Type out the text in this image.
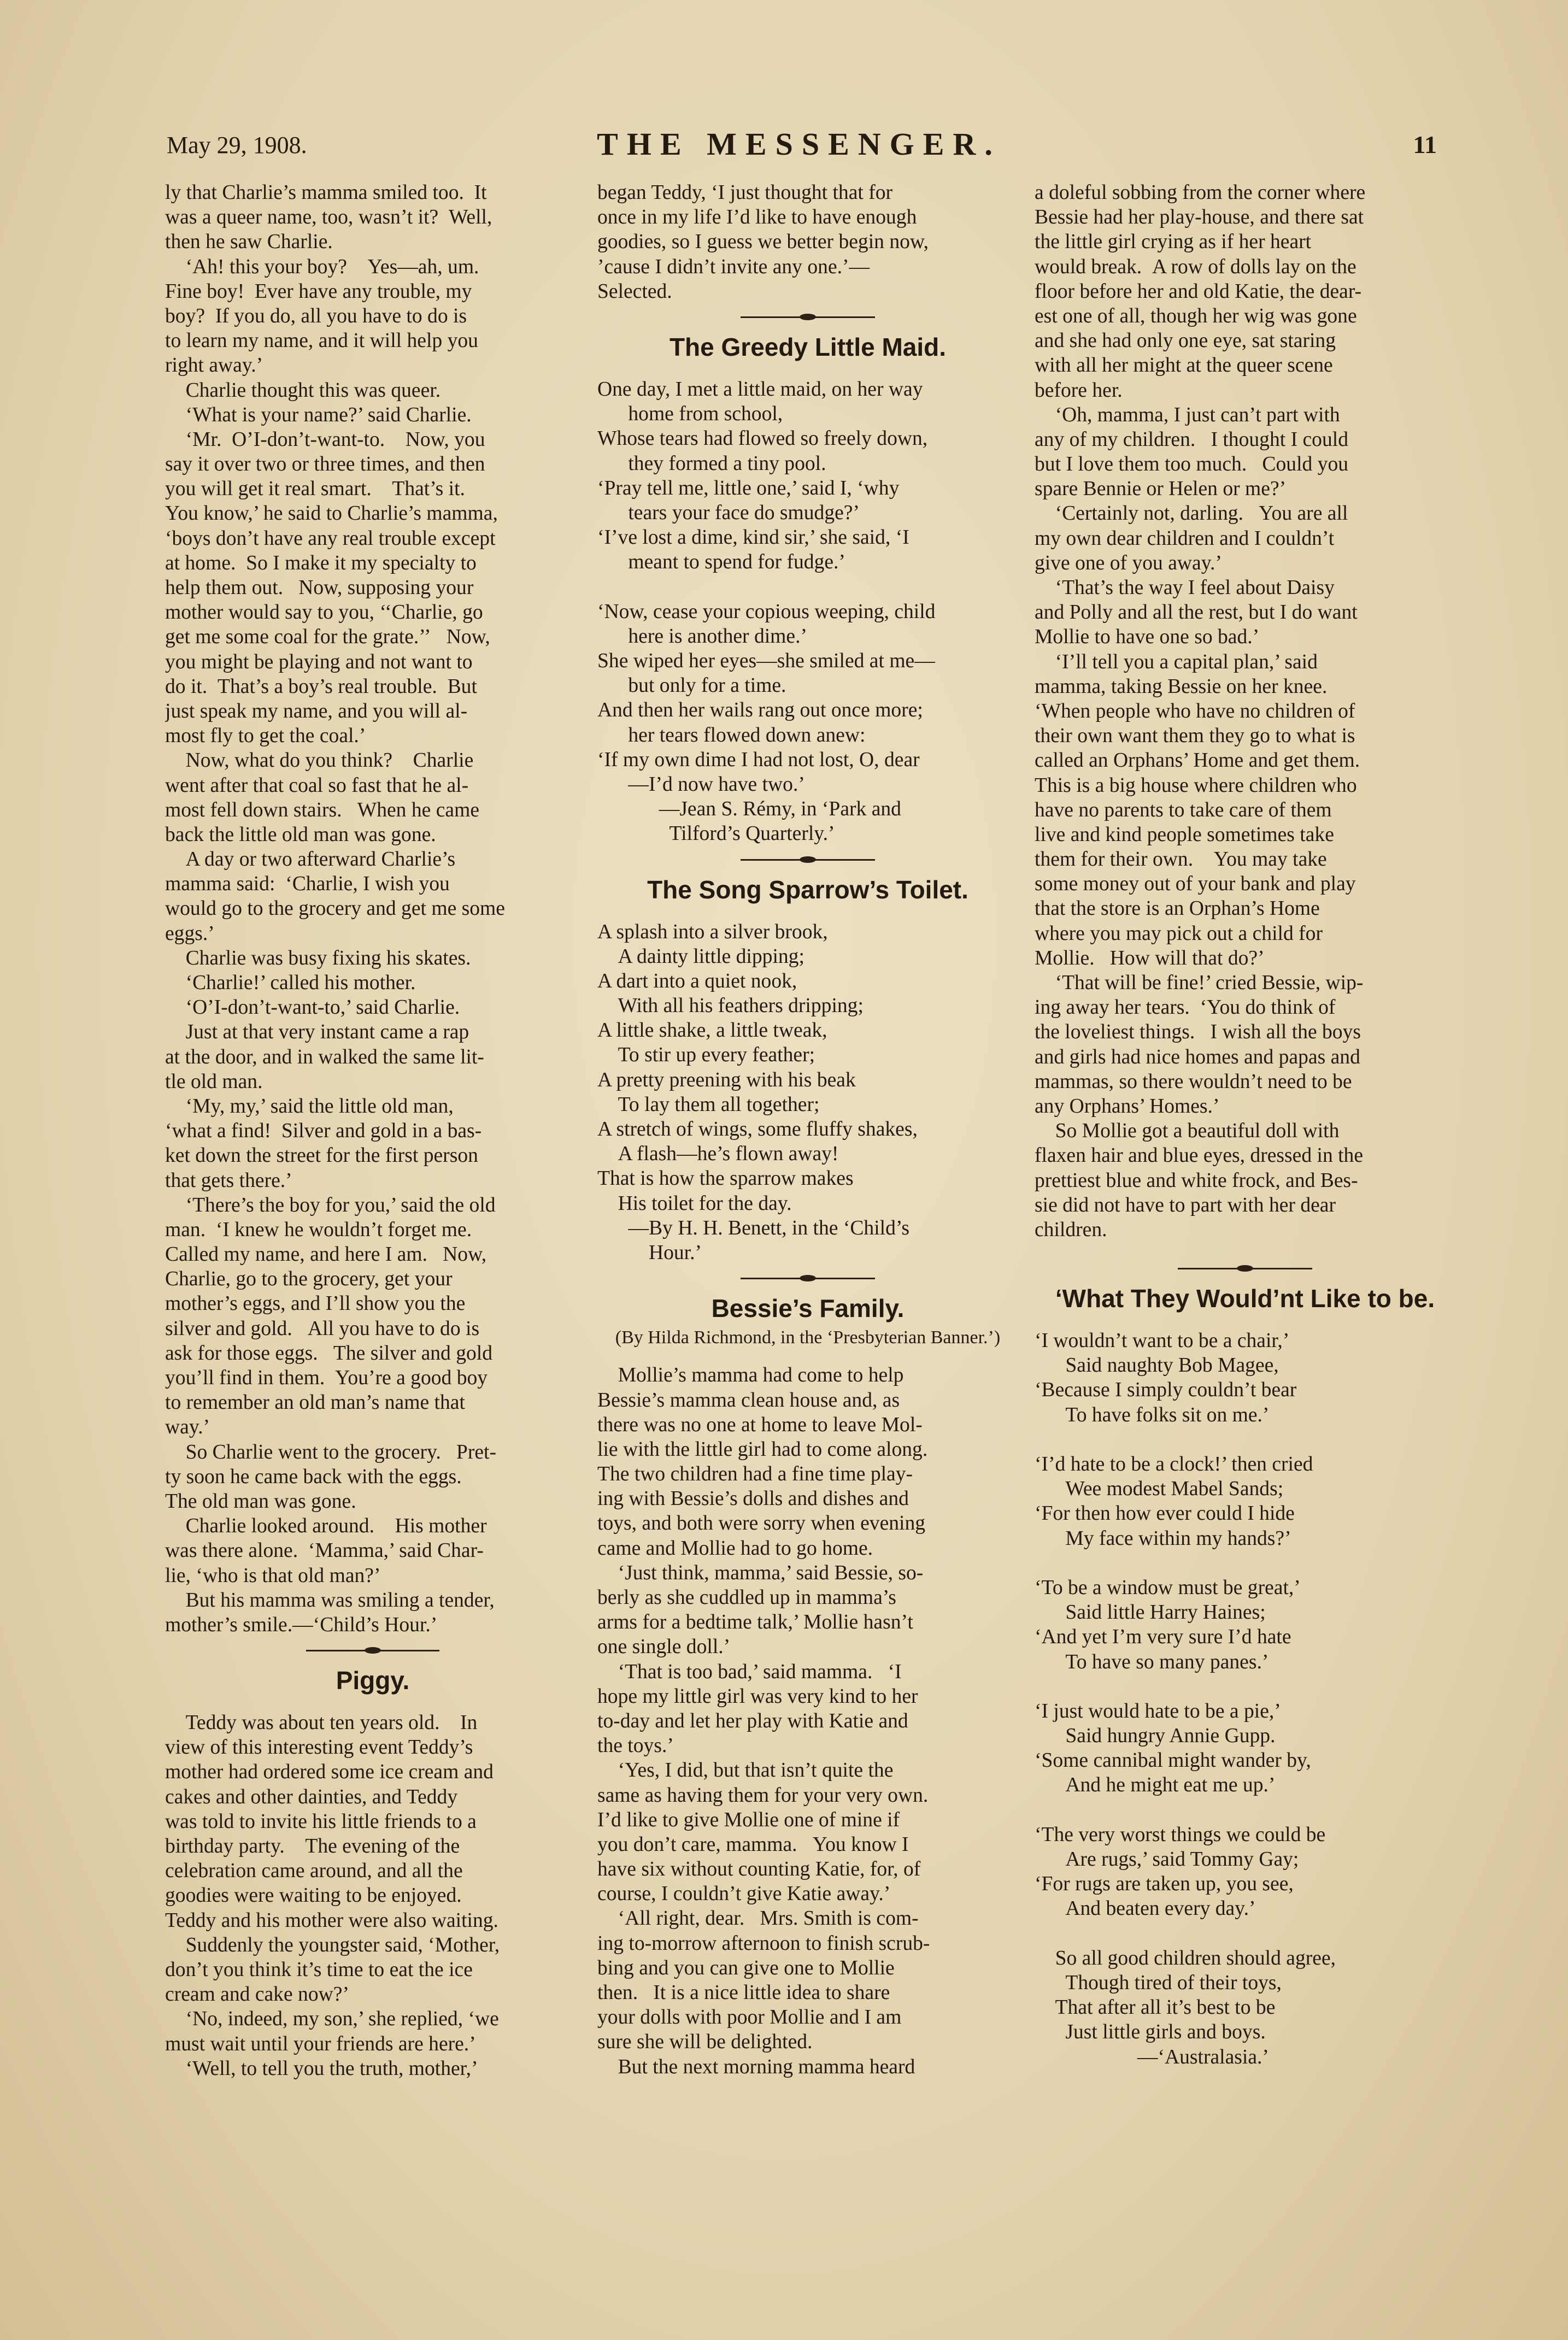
May 29, 1908.	THE MESSENGER.	11
ly that Charlie’s mamma smiled too.  It
was a queer name, too, wasn’t it?  Well,
then he saw Charlie.
‘Ah! this your boy?    Yes—ah, um.
Fine boy!  Ever have any trouble, my
boy?  If you do, all you have to do is
to learn my name, and it will help you
right away.’
Charlie thought this was queer.
‘What is your name?’ said Charlie.
‘Mr.  O’I-don’t-want-to.    Now, you
say it over two or three times, and then
you will get it real smart.    That’s it.
You know,’ he said to Charlie’s mamma,
‘boys don’t have any real trouble except
at home.  So I make it my specialty to
help them out.   Now, supposing your
mother would say to you, ‘‘Charlie, go
get me some coal for the grate.’’   Now,
you might be playing and not want to
do it.  That’s a boy’s real trouble.  But
just speak my name, and you will al-
most fly to get the coal.’
Now, what do you think?    Charlie
went after that coal so fast that he al-
most fell down stairs.   When he came
back the little old man was gone.
A day or two afterward Charlie’s
mamma said:  ‘Charlie, I wish you
would go to the grocery and get me some
eggs.’
Charlie was busy fixing his skates.
‘Charlie!’ called his mother.
‘O’I-don’t-want-to,’ said Charlie.
Just at that very instant came a rap
at the door, and in walked the same lit-
tle old man.
‘My, my,’ said the little old man,
‘what a find!  Silver and gold in a bas-
ket down the street for the first person
that gets there.’
‘There’s the boy for you,’ said the old
man.  ‘I knew he wouldn’t forget me.
Called my name, and here I am.   Now,
Charlie, go to the grocery, get your
mother’s eggs, and I’ll show you the
silver and gold.   All you have to do is
ask for those eggs.   The silver and gold
you’ll find in them.  You’re a good boy
to remember an old man’s name that
way.’
So Charlie went to the grocery.   Pret-
ty soon he came back with the eggs.
The old man was gone.
Charlie looked around.    His mother
was there alone.  ‘Mamma,’ said Char-
lie, ‘who is that old man?’
But his mamma was smiling a tender,
mother’s smile.—‘Child’s Hour.’
Piggy.
Teddy was about ten years old.    In
view of this interesting event Teddy’s
mother had ordered some ice cream and
cakes and other dainties, and Teddy
was told to invite his little friends to a
birthday party.    The evening of the
celebration came around, and all the
goodies were waiting to be enjoyed.
Teddy and his mother were also waiting.
Suddenly the youngster said, ‘Mother,
don’t you think it’s time to eat the ice
cream and cake now?’
‘No, indeed, my son,’ she replied, ‘we
must wait until your friends are here.’
‘Well, to tell you the truth, mother,’
began Teddy, ‘I just thought that for
once in my life I’d like to have enough
goodies, so I guess we better begin now,
’cause I didn’t invite any one.’—
Selected.
The Greedy Little Maid.
One day, I met a little maid, on her way
home from school,
Whose tears had flowed so freely down,
they formed a tiny pool.
‘Pray tell me, little one,’ said I, ‘why
tears your face do smudge?’
‘I’ve lost a dime, kind sir,’ she said, ‘I
meant to spend for fudge.’
‘Now, cease your copious weeping, child
here is another dime.’
She wiped her eyes—she smiled at me—
but only for a time.
And then her wails rang out once more;
her tears flowed down anew:
‘If my own dime I had not lost, O, dear
—I’d now have two.’
—Jean S. Rémy, in ‘Park and
Tilford’s Quarterly.’
The Song Sparrow’s Toilet.
A splash into a silver brook,
A dainty little dipping;
A dart into a quiet nook,
With all his feathers dripping;
A little shake, a little tweak,
To stir up every feather;
A pretty preening with his beak
To lay them all together;
A stretch of wings, some fluffy shakes,
A flash—he’s flown away!
That is how the sparrow makes
His toilet for the day.
—By H. H. Benett, in the ‘Child’s
Hour.’
Bessie’s Family.
(By Hilda Richmond, in the ‘Presbyterian Banner.’)
Mollie’s mamma had come to help
Bessie’s mamma clean house and, as
there was no one at home to leave Mol-
lie with the little girl had to come along.
The two children had a fine time play-
ing with Bessie’s dolls and dishes and
toys, and both were sorry when evening
came and Mollie had to go home.
‘Just think, mamma,’ said Bessie, so-
berly as she cuddled up in mamma’s
arms for a bedtime talk,’ Mollie hasn’t
one single doll.’
‘That is too bad,’ said mamma.   ‘I
hope my little girl was very kind to her
to-day and let her play with Katie and
the toys.’
‘Yes, I did, but that isn’t quite the
same as having them for your very own.
I’d like to give Mollie one of mine if
you don’t care, mamma.   You know I
have six without counting Katie, for, of
course, I couldn’t give Katie away.’
‘All right, dear.   Mrs. Smith is com-
ing to-morrow afternoon to finish scrub-
bing and you can give one to Mollie
then.   It is a nice little idea to share
your dolls with poor Mollie and I am
sure she will be delighted.
But the next morning mamma heard
a doleful sobbing from the corner where
Bessie had her play-house, and there sat
the little girl crying as if her heart
would break.  A row of dolls lay on the
floor before her and old Katie, the dear-
est one of all, though her wig was gone
and she had only one eye, sat staring
with all her might at the queer scene
before her.
‘Oh, mamma, I just can’t part with
any of my children.   I thought I could
but I love them too much.   Could you
spare Bennie or Helen or me?’
‘Certainly not, darling.   You are all
my own dear children and I couldn’t
give one of you away.’
‘That’s the way I feel about Daisy
and Polly and all the rest, but I do want
Mollie to have one so bad.’
‘I’ll tell you a capital plan,’ said
mamma, taking Bessie on her knee.
‘When people who have no children of
their own want them they go to what is
called an Orphans’ Home and get them.
This is a big house where children who
have no parents to take care of them
live and kind people sometimes take
them for their own.    You may take
some money out of your bank and play
that the store is an Orphan’s Home
where you may pick out a child for
Mollie.   How will that do?’
‘That will be fine!’ cried Bessie, wip-
ing away her tears.  ‘You do think of
the loveliest things.   I wish all the boys
and girls had nice homes and papas and
mammas, so there wouldn’t need to be
any Orphans’ Homes.’
So Mollie got a beautiful doll with
flaxen hair and blue eyes, dressed in the
prettiest blue and white frock, and Bes-
sie did not have to part with her dear
children.
‘What They Would’nt Like to be.
‘I wouldn’t want to be a chair,’
Said naughty Bob Magee,
‘Because I simply couldn’t bear
To have folks sit on me.’
‘I’d hate to be a clock!’ then cried
Wee modest Mabel Sands;
‘For then how ever could I hide
My face within my hands?’
‘To be a window must be great,’
Said little Harry Haines;
‘And yet I’m very sure I’d hate
To have so many panes.’
‘I just would hate to be a pie,’
Said hungry Annie Gupp.
‘Some cannibal might wander by,
And he might eat me up.’
‘The very worst things we could be
Are rugs,’ said Tommy Gay;
‘For rugs are taken up, you see,
And beaten every day.’
So all good children should agree,
Though tired of their toys,
That after all it’s best to be
Just little girls and boys.
—‘Australasia.’
